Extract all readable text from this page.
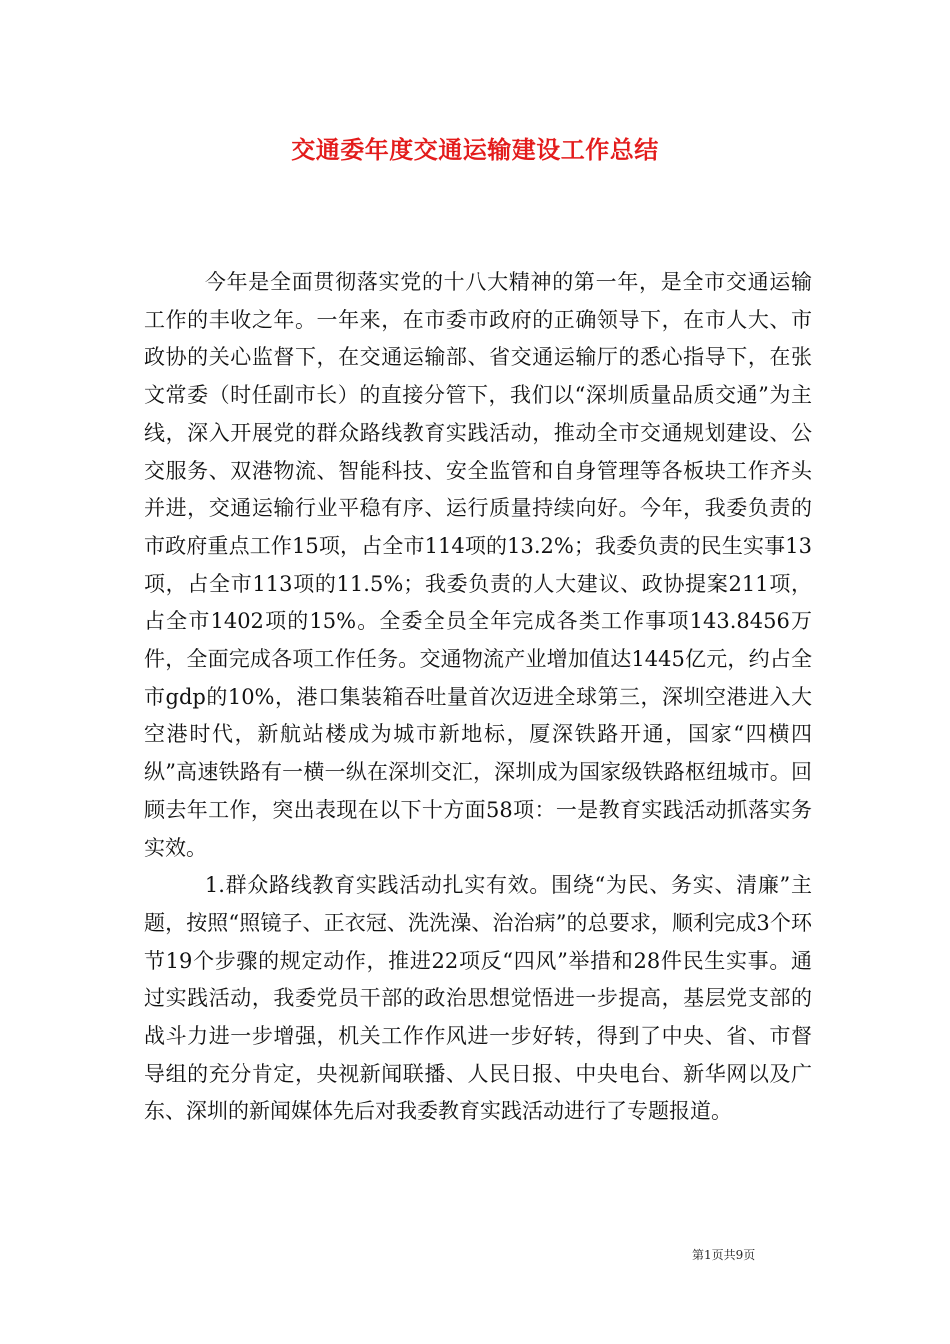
交通委年度交通运输建设工作总结

今年是全面贯彻落实党的十八大精神的第一年，是全市交通运输工作的丰收之年。一年来，在市委市政府的正确领导下，在市人大、市政协的关心监督下，在交通运输部、省交通运输厅的悉心指导下，在张文常委（时任副市长）的直接分管下，我们以“深圳质量品质交通”为主线，深入开展党的群众路线教育实践活动，推动全市交通规划建设、公交服务、双港物流、智能科技、安全监管和自身管理等各板块工作齐头并进，交通运输行业平稳有序、运行质量持续向好。今年，我委负责的市政府重点工作15项，占全市114项的13.2%；我委负责的民生实事13项，占全市113项的11.5%；我委负责的人大建议、政协提案211项，占全市1402项的15%。全委全员全年完成各类工作事项143.8456万件，全面完成各项工作任务。交通物流产业增加值达1445亿元，约占全市gdp的10%，港口集装箱吞吐量首次迈进全球第三，深圳空港进入大空港时代，新航站楼成为城市新地标，厦深铁路开通，国家“四横四纵”高速铁路有一横一纵在深圳交汇，深圳成为国家级铁路枢纽城市。回顾去年工作，突出表现在以下十方面58项：一是教育实践活动抓落实务实效。

1.群众路线教育实践活动扎实有效。围绕“为民、务实、清廉”主题，按照“照镜子、正衣冠、洗洗澡、治治病”的总要求，顺利完成3个环节19个步骤的规定动作，推进22项反“四风”举措和28件民生实事。通过实践活动，我委党员干部的政治思想觉悟进一步提高，基层党支部的战斗力进一步增强，机关工作作风进一步好转，得到了中央、省、市督导组的充分肯定，央视新闻联播、人民日报、中央电台、新华网以及广东、深圳的新闻媒体先后对我委教育实践活动进行了专题报道。

第1页共9页
